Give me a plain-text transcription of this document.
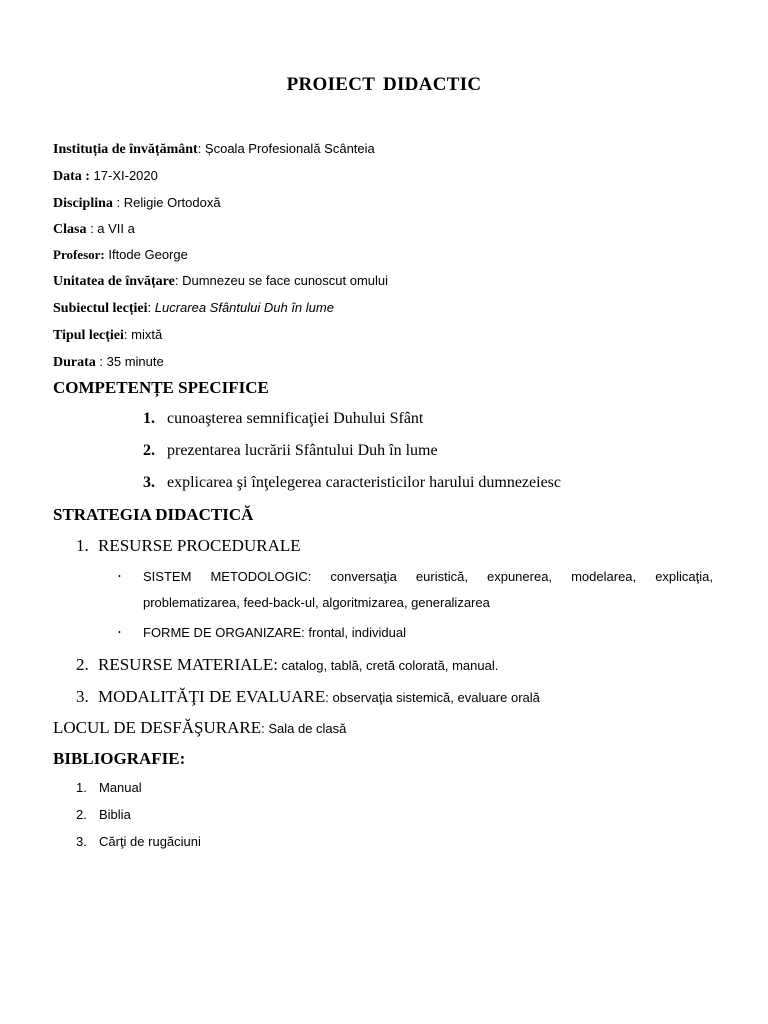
PROIECT DIDACTIC
Instituția de învățământ: Școala Profesională Scânteia
Data : 17-XI-2020
Disciplina : Religie Ortodoxă
Clasa : a VII a
Profesor: Iftode George
Unitatea de învățare: Dumnezeu se face cunoscut omului
Subiectul lecției: Lucrarea Sfântului Duh în lume
Tipul lecției: mixtă
Durata : 35 minute
COMPETENȚE SPECIFICE
1. cunoaşterea semnificaţiei Duhului Sfânt
2. prezentarea lucrării Sfântului Duh în lume
3. explicarea şi înţelegerea caracteristicilor harului dumnezeiesc
STRATEGIA DIDACTICĂ
1. RESURSE PROCEDURALE
• SISTEM METODOLOGIC: conversaţia euristică, expunerea, modelarea, explicaţia,
problematizarea, feed-back-ul, algoritmizarea, generalizarea
• FORME DE ORGANIZARE: frontal, individual
2. RESURSE MATERIALE: catalog, tablă, cretă colorată, manual.
3. MODALITĂŢI DE EVALUARE: observaţia sistemică, evaluare orală
LOCUL DE DESFĂŞURARE: Sala de clasă
BIBLIOGRAFIE:
1. Manual
2. Biblia
3. Cărţi de rugăciuni
